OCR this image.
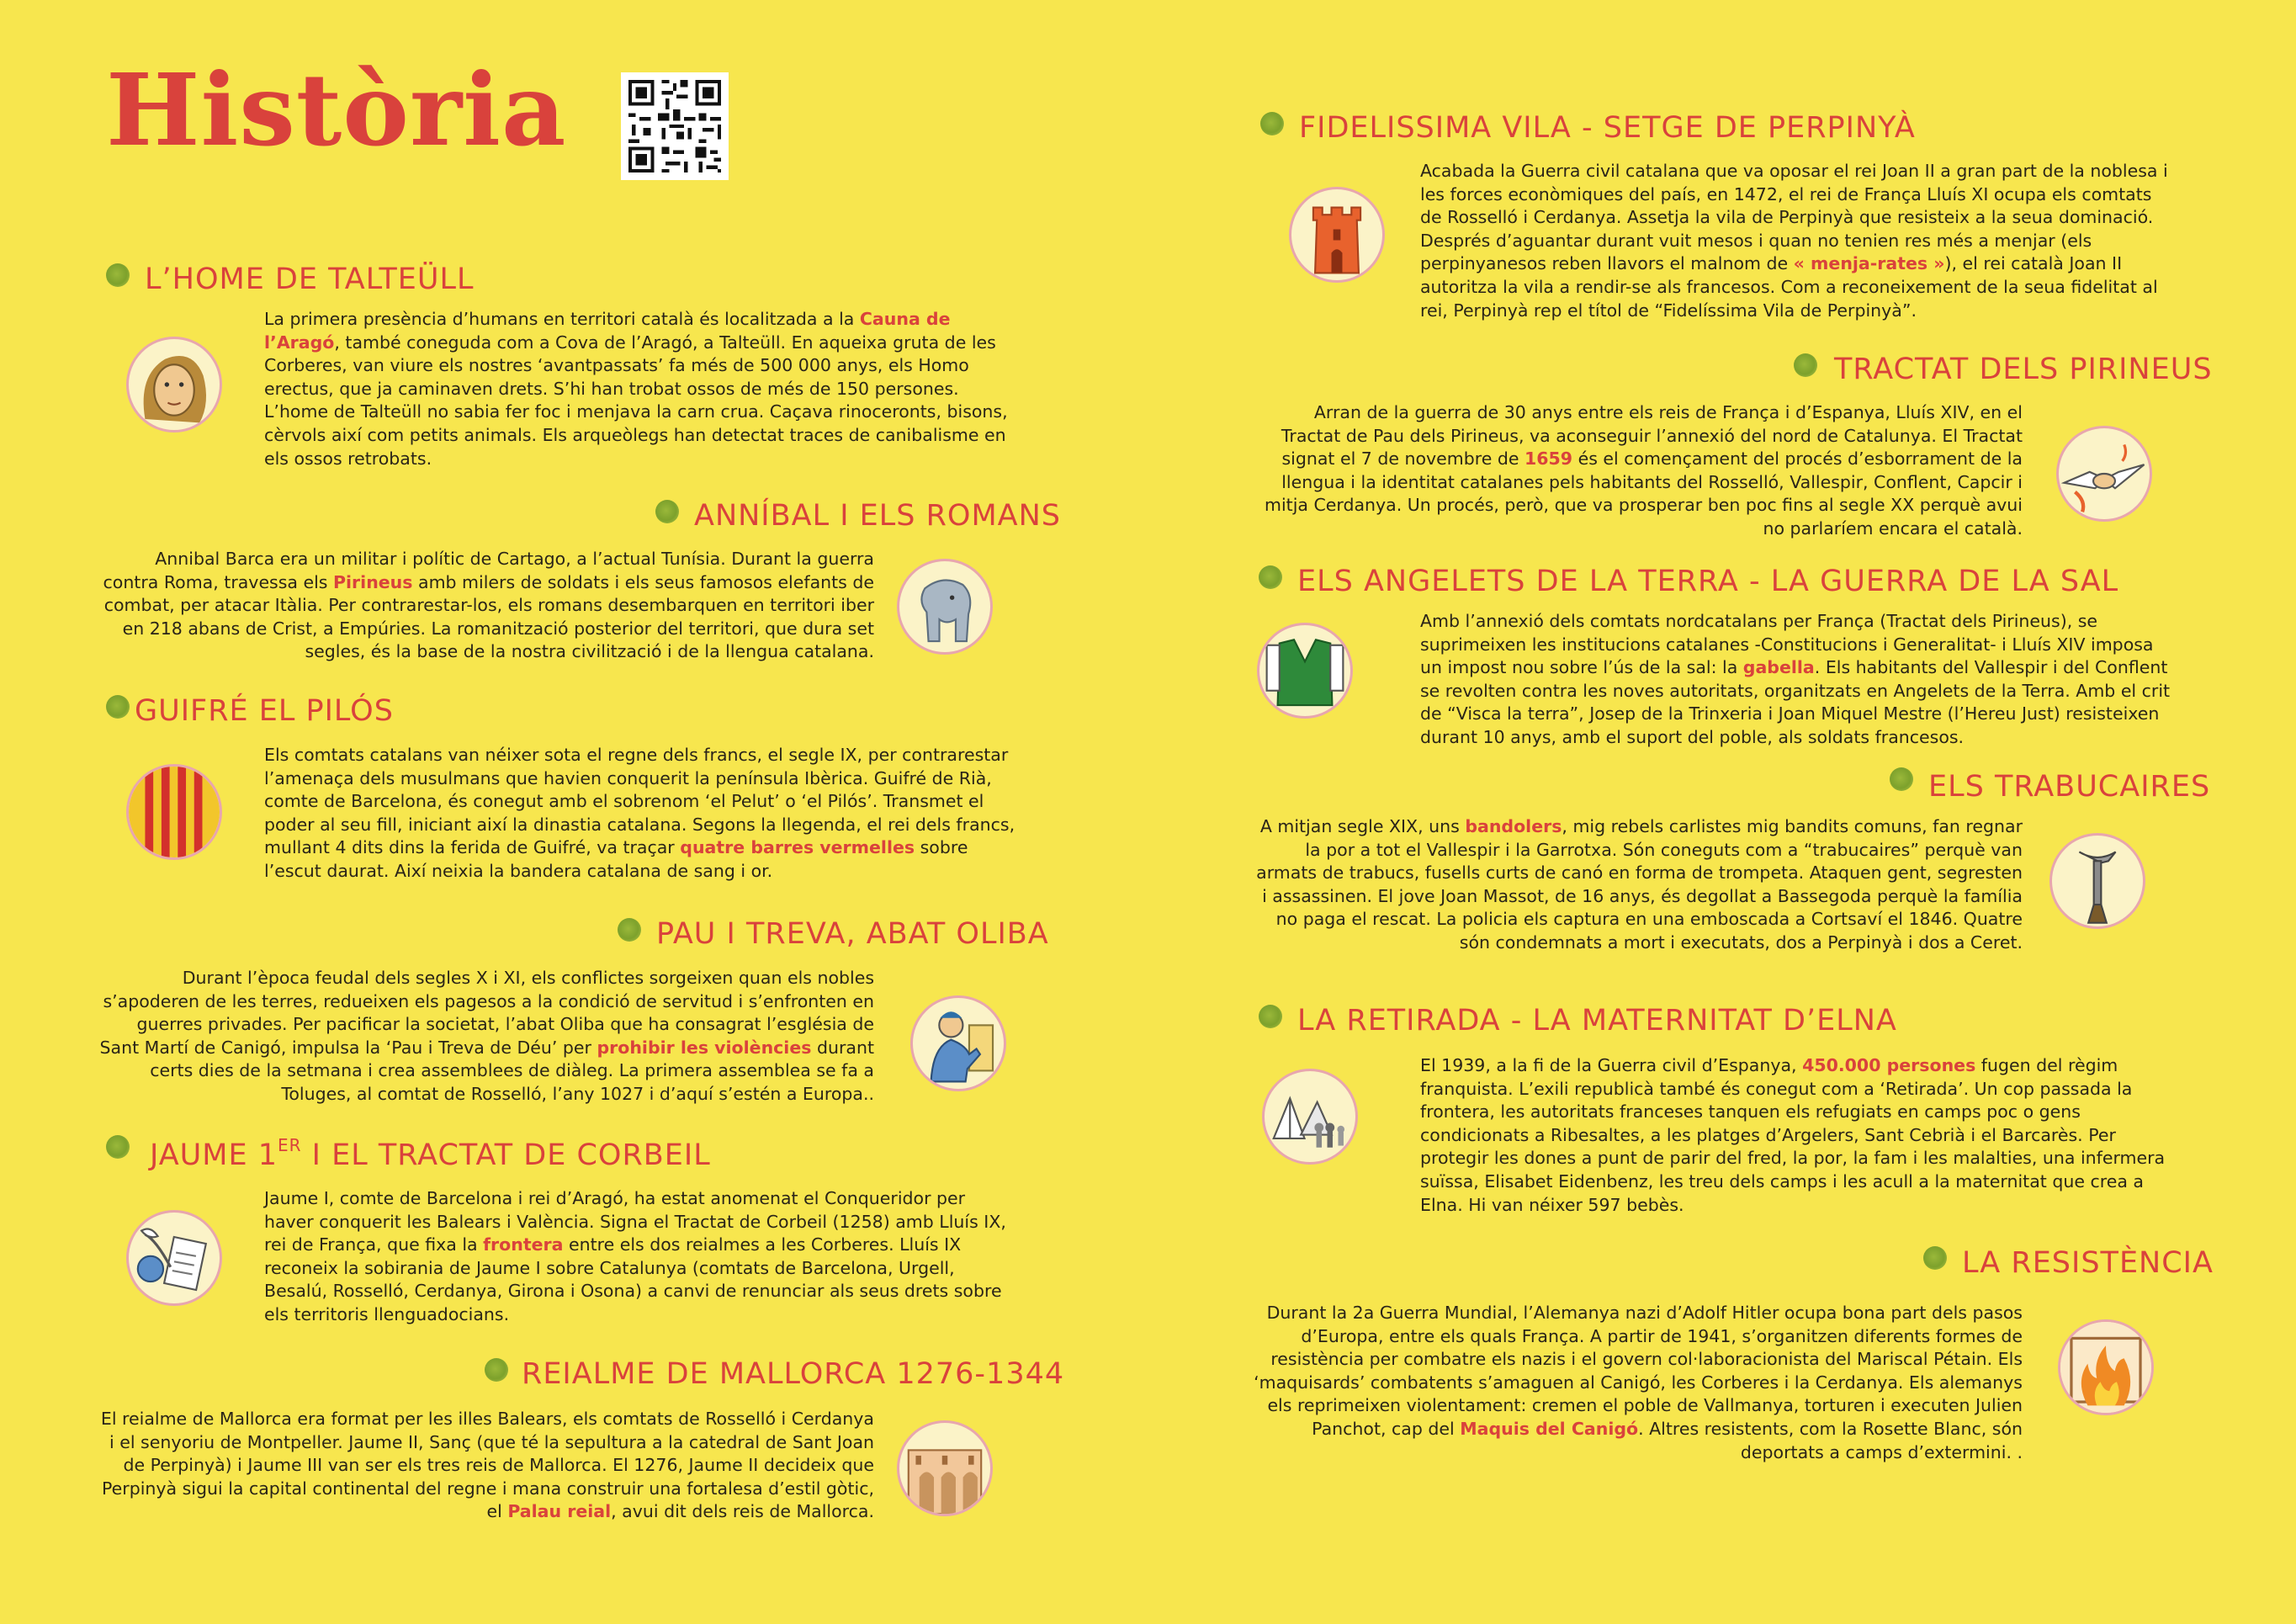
Història
L’HOME DE TALTEÜLL

La primera presència d’humans en territori català és localitzada a la Cauna de l’Aragó, també coneguda com a Cova de l’Aragó, a Talteüll. En aqueixa gruta de les Corberes, van viure els nostres ‘avantpassats’ fa més de 500 000 anys, els Homo erectus, que ja caminaven drets. S’hi han trobat ossos de més de 150 persones. L’home de Talteüll no sabia fer foc i menjava la carn crua. Caçava rinoceronts, bisons, cèrvols així com petits animals. Els arqueòlegs han detectat traces de canibalisme en els ossos retrobats.

ANNÍBAL I ELS ROMANS

Annibal Barca era un militar i polític de Cartago, a l’actual Tunísia. Durant la guerra contra Roma, travessa els Pirineus amb milers de soldats i els seus famosos elefants de combat, per atacar Itàlia. Per contrarestar-los, els romans desembarquen en territori iber en 218 abans de Crist, a Empúries. La romanització posterior del territori, que dura set segles, és la base de la nostra civilització i de la llengua catalana.

GUIFRÉ EL PILÓS

Els comtats catalans van néixer sota el regne dels francs, el segle IX, per contrarestar l’amenaça dels musulmans que havien conquerit la península Ibèrica. Guifré de Rià, comte de Barcelona, és conegut amb el sobrenom ‘el Pelut’ o ‘el Pilós’. Transmet el poder al seu fill, iniciant així la dinastia catalana. Segons la llegenda, el rei dels francs, mullant 4 dits dins la ferida de Guifré, va traçar quatre barres vermelles sobre l’escut daurat. Així neixia la bandera catalana de sang i or.

PAU I TREVA, ABAT OLIBA

Durant l’època feudal dels segles X i XI, els conflictes sorgeixen quan els nobles s’apoderen de les terres, redueixen els pagesos a la condició de servitud i s’enfronten en guerres privades. Per pacificar la societat, l’abat Oliba que ha consagrat l’església de Sant Martí de Canigó, impulsa la ‘Pau i Treva de Déu’ per prohibir les violències durant certs dies de la setmana i crea assemblees de diàleg. La primera assemblea se fa a Toluges, al comtat de Rosselló, l’any 1027 i d’aquí s’estén a Europa..

JAUME 1ER I EL TRACTAT DE CORBEIL

Jaume I, comte de Barcelona i rei d’Aragó, ha estat anomenat el Conqueridor per haver conquerit les Balears i València. Signa el Tractat de Corbeil (1258) amb Lluís IX, rei de França, que fixa la frontera entre els dos reialmes a les Corberes. Lluís IX reconeix la sobirania de Jaume I sobre Catalunya (comtats de Barcelona, Urgell, Besalú, Rosselló, Cerdanya, Girona i Osona) a canvi de renunciar als seus drets sobre els territoris llenguadocians.

REIALME DE MALLORCA 1276-1344

El reialme de Mallorca era format per les illes Balears, els comtats de Rosselló i Cerdanya i el senyoriu de Montpeller. Jaume II, Sanç (que té la sepultura a la catedral de Sant Joan de Perpinyà) i Jaume III van ser els tres reis de Mallorca. El 1276, Jaume II decideix que Perpinyà sigui la capital continental del regne i mana construir una fortalesa d’estil gòtic, el Palau reial, avui dit dels reis de Mallorca.

FIDELISSIMA VILA - SETGE DE PERPINYÀ

Acabada la Guerra civil catalana que va oposar el rei Joan II a gran part de la noblesa i les forces econòmiques del país, en 1472, el rei de França Lluís XI ocupa els comtats de Rosselló i Cerdanya. Assetja la vila de Perpinyà que resisteix a la seua dominació. Després d’aguantar durant vuit mesos i quan no tenien res més a menjar (els perpinyanesos reben llavors el malnom de « menja-rates »), el rei català Joan II autoritza la vila a rendir-se als francesos. Com a reconeixement de la seua fidelitat al rei, Perpinyà rep el títol de “Fidelíssima Vila de Perpinyà”.

TRACTAT DELS PIRINEUS

Arran de la guerra de 30 anys entre els reis de França i d’Espanya, Lluís XIV, en el Tractat de Pau dels Pirineus, va aconseguir l’annexió del nord de Catalunya. El Tractat signat el 7 de novembre de 1659 és el començament del procés d’esborrament de la llengua i la identitat catalanes pels habitants del Rosselló, Vallespir, Conflent, Capcir i mitja Cerdanya. Un procés, però, que va prosperar ben poc fins al segle XX perquè avui no parlaríem encara el català.

ELS ANGELETS DE LA TERRA - LA GUERRA DE LA SAL

Amb l’annexió dels comtats nordcatalans per França (Tractat dels Pirineus), se suprimeixen les institucions catalanes -Constitucions i Generalitat- i Lluís XIV imposa un impost nou sobre l’ús de la sal: la gabella. Els habitants del Vallespir i del Conflent se revolten contra les noves autoritats, organitzats en Angelets de la Terra. Amb el crit de “Visca la terra”, Josep de la Trinxeria i Joan Miquel Mestre (l’Hereu Just) resisteixen durant 10 anys, amb el suport del poble, als soldats francesos.

ELS TRABUCAIRES

A mitjan segle XIX, uns bandolers, mig rebels carlistes mig bandits comuns, fan regnar la por a tot el Vallespir i la Garrotxa. Són coneguts com a “trabucaires” perquè van armats de trabucs, fusells curts de canó en forma de trompeta. Ataquen gent, segresten i assassinen. El jove Joan Massot, de 16 anys, és degollat a Bassegoda perquè la família no paga el rescat. La policia els captura en una emboscada a Cortsaví el 1846. Quatre són condemnats a mort i executats, dos a Perpinyà i dos a Ceret.

LA RETIRADA - LA MATERNITAT D’ELNA

El 1939, a la fi de la Guerra civil d’Espanya, 450.000 persones fugen del règim franquista. L’exili republicà també és conegut com a ‘Retirada’. Un cop passada la frontera, les autoritats franceses tanquen els refugiats en camps poc o gens condicionats a Ribesaltes, a les platges d’Argelers, Sant Cebrià i el Barcarès. Per protegir les dones a punt de parir del fred, la por, la fam i les malalties, una infermera suïssa, Elisabet Eidenbenz, les treu dels camps i les acull a la maternitat que crea a Elna. Hi van néixer 597 bebès.

LA RESISTÈNCIA

Durant la 2a Guerra Mundial, l’Alemanya nazi d’Adolf Hitler ocupa bona part dels pasos d’Europa, entre els quals França. A partir de 1941, s’organitzen diferents formes de resistència per combatre els nazis i el govern col·laboracionista del Mariscal Pétain. Els ‘maquisards’ combatents s’amaguen al Canigó, les Corberes i la Cerdanya. Els alemanys els reprimeixen violentament: cremen el poble de Vallmanya, torturen i executen Julien Panchot, cap del Maquis del Canigó. Altres resistents, com la Rosette Blanc, són deportats a camps d’extermini. .
